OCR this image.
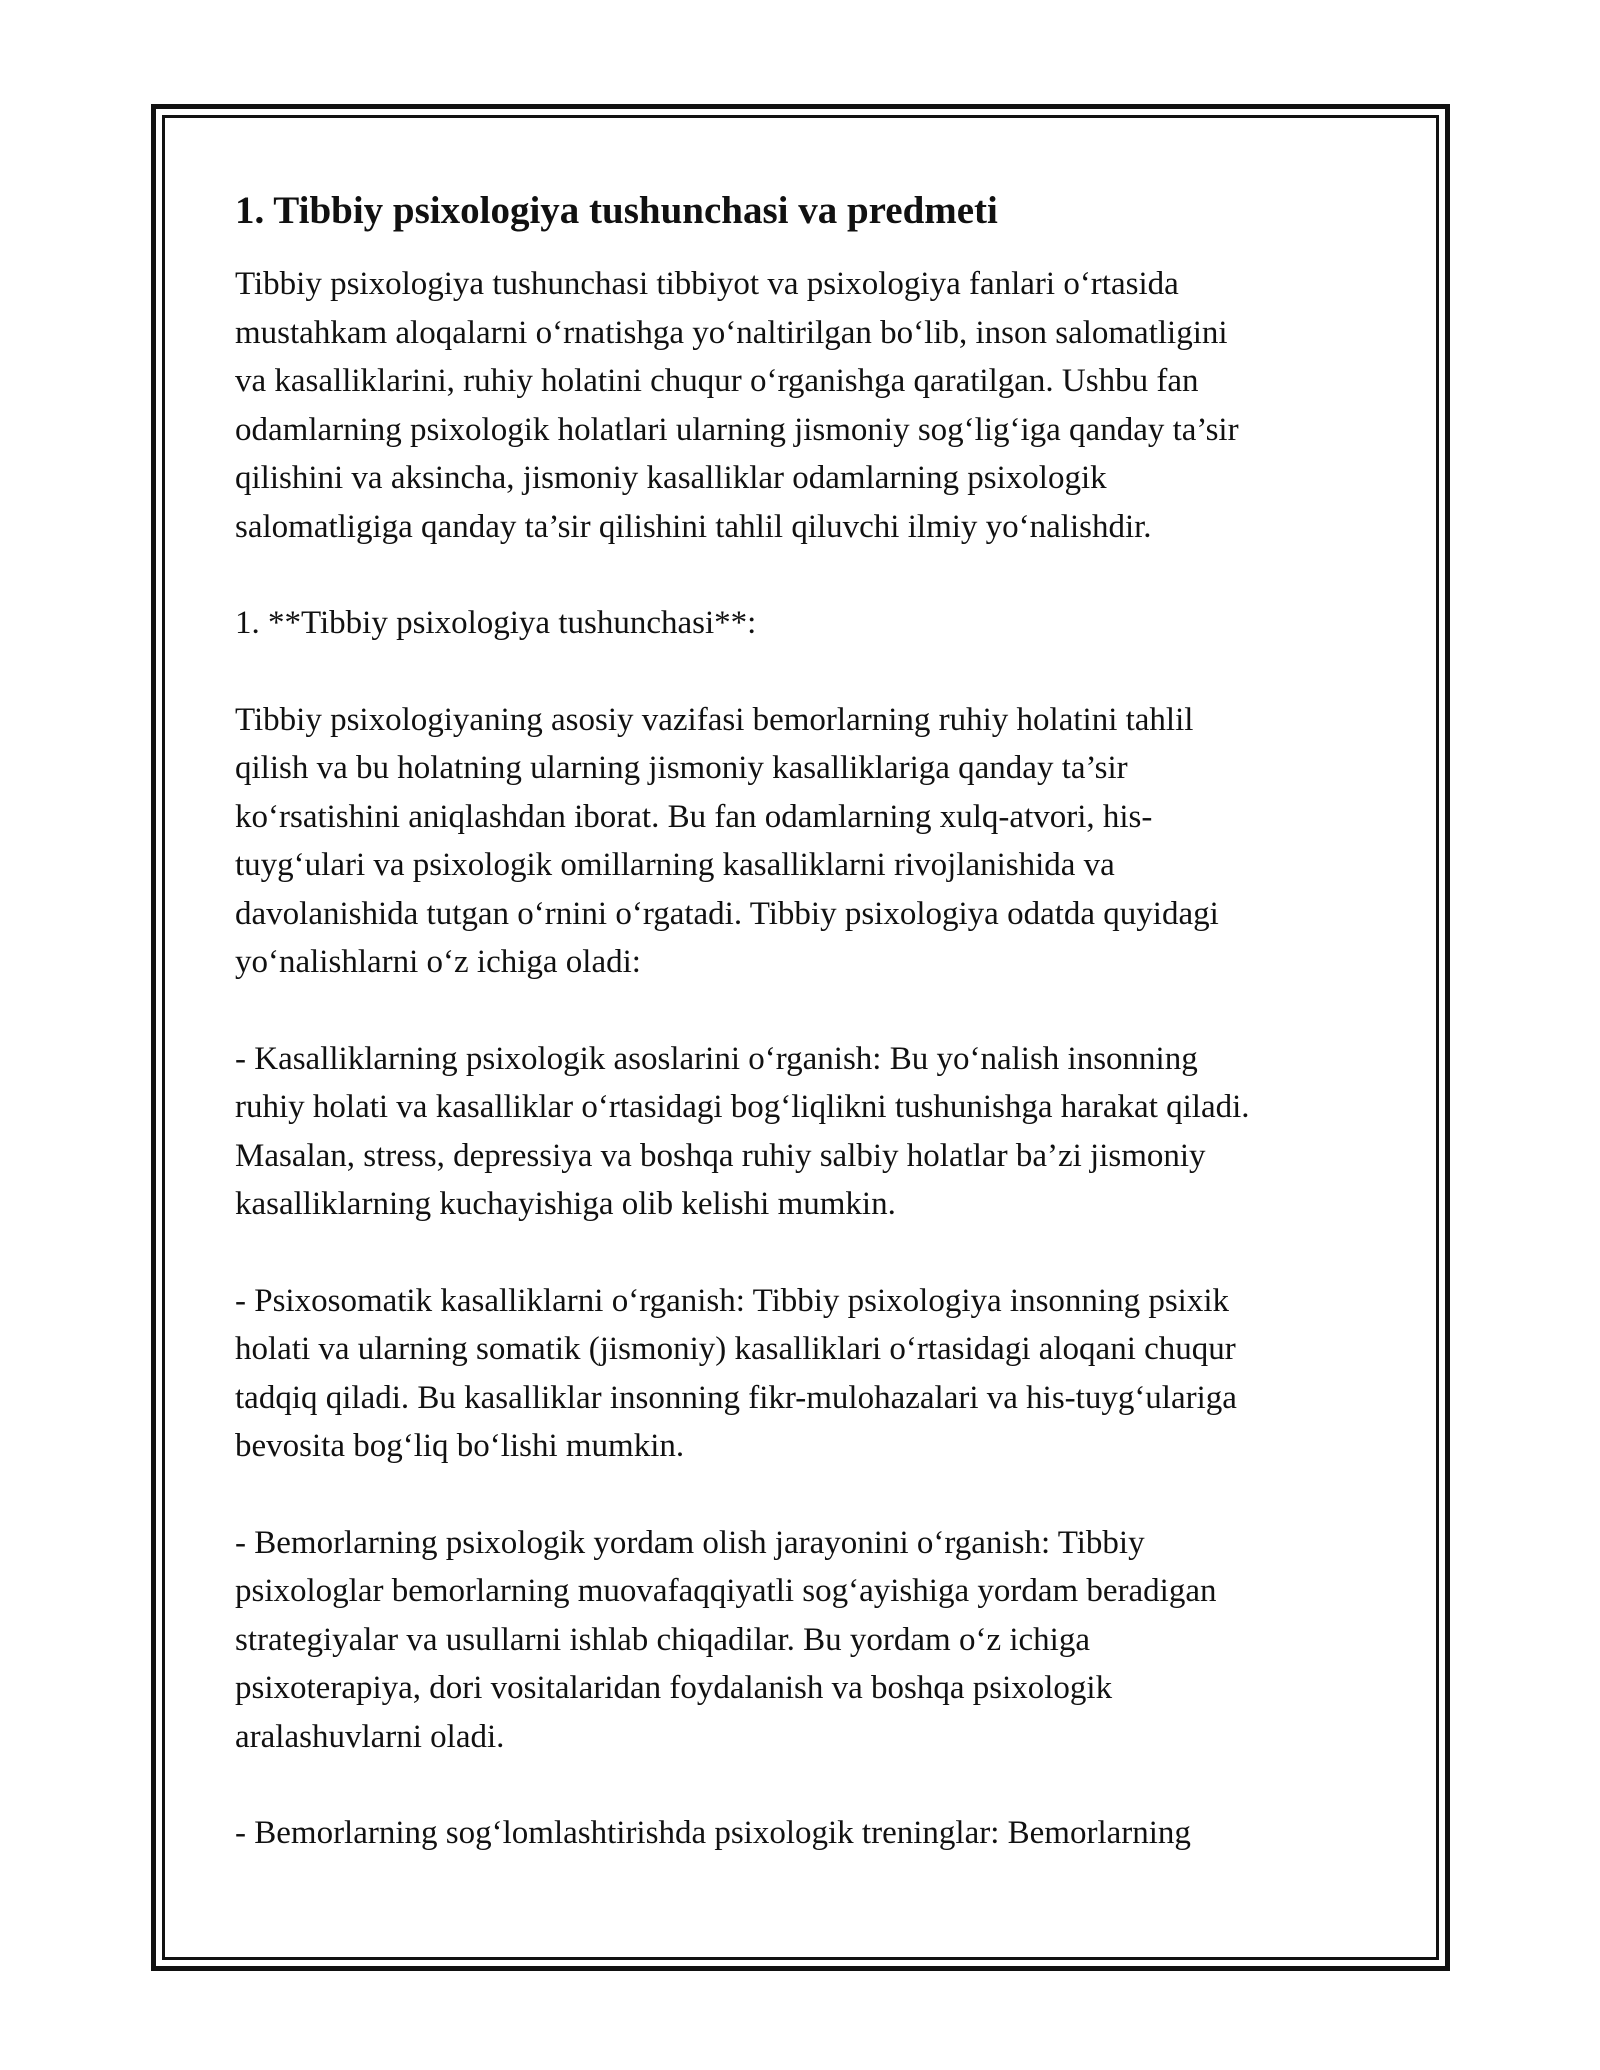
1. Tibbiy psixologiya tushunchasi va predmeti
Tibbiy psixologiya tushunchasi tibbiyot va psixologiya fanlari o‘rtasida
mustahkam aloqalarni o‘rnatishga yo‘naltirilgan bo‘lib, inson salomatligini
va kasalliklarini, ruhiy holatini chuqur o‘rganishga qaratilgan. Ushbu fan
odamlarning psixologik holatlari ularning jismoniy sog‘lig‘iga qanday ta’sir
qilishini va aksincha, jismoniy kasalliklar odamlarning psixologik
salomatligiga qanday ta’sir qilishini tahlil qiluvchi ilmiy yo‘nalishdir.
1. **Tibbiy psixologiya tushunchasi**:
Tibbiy psixologiyaning asosiy vazifasi bemorlarning ruhiy holatini tahlil
qilish va bu holatning ularning jismoniy kasalliklariga qanday ta’sir
ko‘rsatishini aniqlashdan iborat. Bu fan odamlarning xulq-atvori, his-
tuyg‘ulari va psixologik omillarning kasalliklarni rivojlanishida va
davolanishida tutgan o‘rnini o‘rgatadi. Tibbiy psixologiya odatda quyidagi
yo‘nalishlarni o‘z ichiga oladi:
- Kasalliklarning psixologik asoslarini o‘rganish: Bu yo‘nalish insonning
ruhiy holati va kasalliklar o‘rtasidagi bog‘liqlikni tushunishga harakat qiladi.
Masalan, stress, depressiya va boshqa ruhiy salbiy holatlar ba’zi jismoniy
kasalliklarning kuchayishiga olib kelishi mumkin.
- Psixosomatik kasalliklarni o‘rganish: Tibbiy psixologiya insonning psixik
holati va ularning somatik (jismoniy) kasalliklari o‘rtasidagi aloqani chuqur
tadqiq qiladi. Bu kasalliklar insonning fikr-mulohazalari va his-tuyg‘ulariga
bevosita bog‘liq bo‘lishi mumkin.
- Bemorlarning psixologik yordam olish jarayonini o‘rganish: Tibbiy
psixologlar bemorlarning muovafaqqiyatli sog‘ayishiga yordam beradigan
strategiyalar va usullarni ishlab chiqadilar. Bu yordam o‘z ichiga
psixoterapiya, dori vositalaridan foydalanish va boshqa psixologik
aralashuvlarni oladi.
- Bemorlarning sog‘lomlashtirishda psixologik treninglar: Bemorlarning
